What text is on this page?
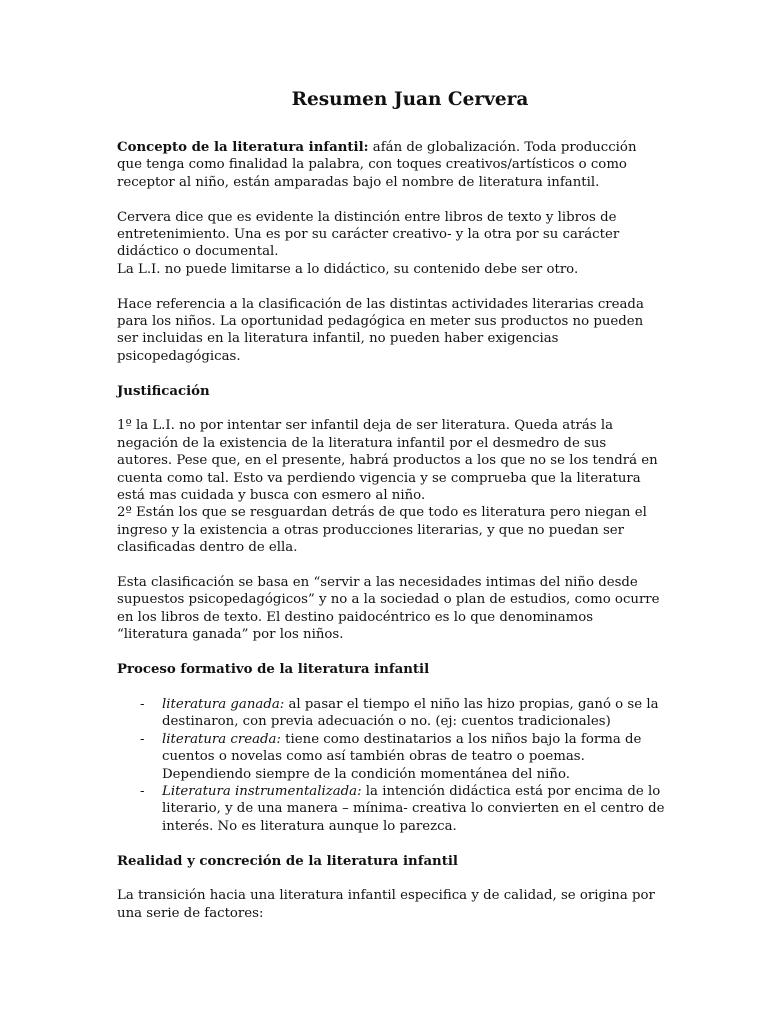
Resumen Juan Cervera

Concepto de la literatura infantil: afán de globalización. Toda producción que tenga como finalidad la palabra, con toques creativos/artísticos o como receptor al niño, están amparadas bajo el nombre de literatura infantil.

Cervera dice que es evidente la distinción entre libros de texto y libros de entretenimiento. Una es por su carácter creativo- y la otra por su carácter didáctico o documental.

La L.I. no puede limitarse a lo didáctico, su contenido debe ser otro.

Hace referencia a la clasificación de las distintas actividades literarias creada para los niños. La oportunidad pedagógica en meter sus productos no pueden ser incluidas en la literatura infantil, no pueden haber exigencias psicopedagógicas.

Justificación

1º la L.I. no por intentar ser infantil deja de ser literatura. Queda atrás la negación de la existencia de la literatura infantil por el desmedro de sus autores. Pese que, en el presente, habrá productos a los que no se los tendrá en cuenta como tal. Esto va perdiendo vigencia y se comprueba que la literatura está mas cuidada y busca con esmero al niño.

2º Están los que se resguardan detrás de que todo es literatura pero niegan el ingreso y la existencia a otras producciones literarias, y que no puedan ser clasificadas dentro de ella.

Esta clasificación se basa en “servir a las necesidades intimas del niño desde supuestos psicopedagógicos” y no a la sociedad o plan de estudios, como ocurre en los libros de texto. El destino paidocéntrico es lo que denominamos “literatura ganada” por los niños.

Proceso formativo de la literatura infantil
- literatura ganada: al pasar el tiempo el niño las hizo propias, ganó o se la destinaron, con previa adecuación o no. (ej: cuentos tradicionales)
- literatura creada: tiene como destinatarios a los niños bajo la forma de cuentos o novelas como así también obras de teatro o poemas. Dependiendo siempre de la condición momentánea del niño.
- Literatura instrumentalizada: la intención didáctica está por encima de lo literario, y de una manera – mínima- creativa lo convierten en el centro de interés. No es literatura aunque lo parezca.
Realidad y concreción de la literatura infantil

La transición hacia una literatura infantil especifica y de calidad, se origina por una serie de factores:
